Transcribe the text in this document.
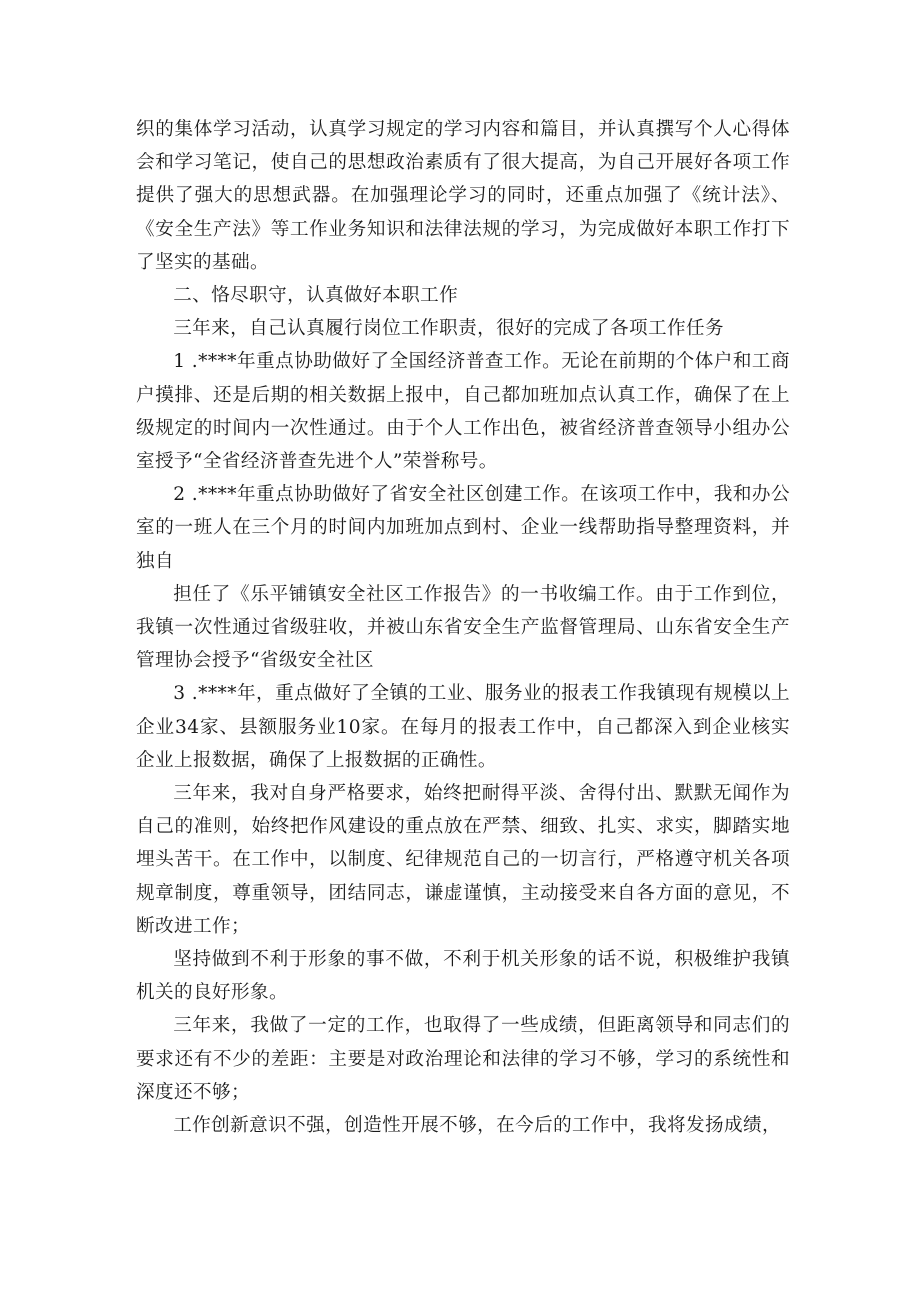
织的集体学习活动，认真学习规定的学习内容和篇目，并认真撰写个人心得体会和学习笔记，使自己的思想政治素质有了很大提高，为自己开展好各项工作提供了强大的思想武器。在加强理论学习的同时，还重点加强了《统计法》、《安全生产法》等工作业务知识和法律法规的学习，为完成做好本职工作打下了坚实的基础。

二、恪尽职守，认真做好本职工作

三年来，自己认真履行岗位工作职责，很好的完成了各项工作任务

1 .****年重点协助做好了全国经济普查工作。无论在前期的个体户和工商户摸排、还是后期的相关数据上报中，自己都加班加点认真工作，确保了在上级规定的时间内一次性通过。由于个人工作出色，被省经济普查领导小组办公室授予“全省经济普查先进个人”荣誉称号。

2 .****年重点协助做好了省安全社区创建工作。在该项工作中，我和办公室的一班人在三个月的时间内加班加点到村、企业一线帮助指导整理资料，并独自

担任了《乐平铺镇安全社区工作报告》的一书收编工作。由于工作到位，我镇一次性通过省级驻收，并被山东省安全生产监督管理局、山东省安全生产管理协会授予“省级安全社区

3 .****年，重点做好了全镇的工业、服务业的报表工作我镇现有规模以上企业34家、县额服务业10家。在每月的报表工作中，自己都深入到企业核实企业上报数据，确保了上报数据的正确性。

三年来，我对自身严格要求，始终把耐得平淡、舍得付出、默默无闻作为自己的准则，始终把作风建设的重点放在严禁、细致、扎实、求实，脚踏实地埋头苦干。在工作中，以制度、纪律规范自己的一切言行，严格遵守机关各项规章制度，尊重领导，团结同志，谦虚谨慎，主动接受来自各方面的意见，不断改进工作；

坚持做到不利于形象的事不做，不利于机关形象的话不说，积极维护我镇机关的良好形象。

三年来，我做了一定的工作，也取得了一些成绩，但距离领导和同志们的要求还有不少的差距：主要是对政治理论和法律的学习不够，学习的系统性和深度还不够；

工作创新意识不强，创造性开展不够，在今后的工作中，我将发扬成绩，
